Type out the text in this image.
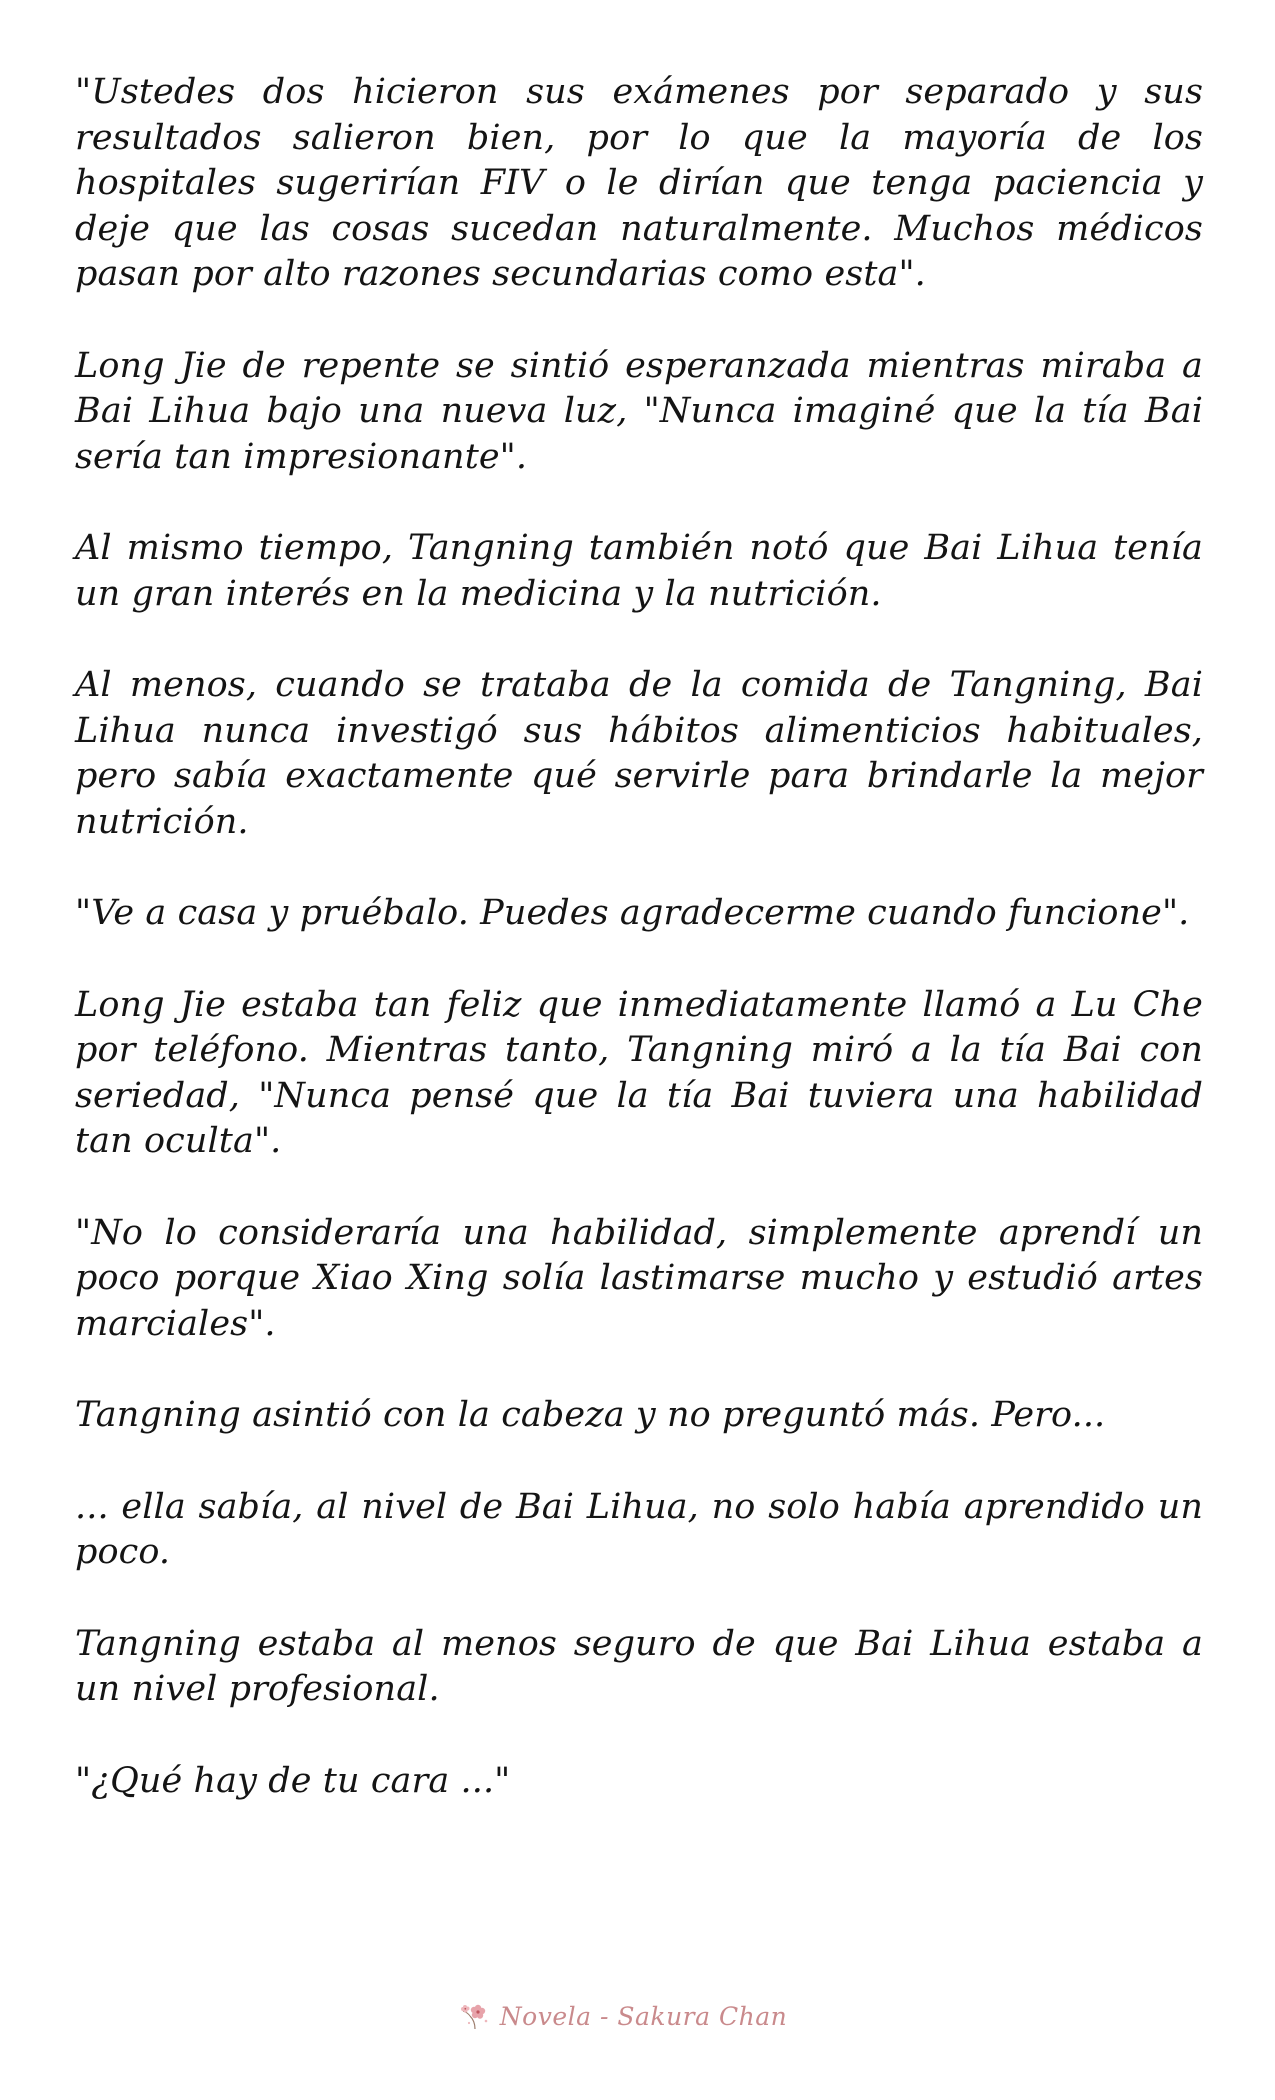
"Ustedes dos hicieron sus exámenes por separado y sus resultados salieron bien, por lo que la mayoría de los hospitales sugerirían FIV o le dirían que tenga paciencia y deje que las cosas sucedan naturalmente. Muchos médicos pasan por alto razones secundarias como esta".

Long Jie de repente se sintió esperanzada mientras miraba a Bai Lihua bajo una nueva luz, "Nunca imaginé que la tía Bai sería tan impresionante".

Al mismo tiempo, Tangning también notó que Bai Lihua tenía un gran interés en la medicina y la nutrición.

Al menos, cuando se trataba de la comida de Tangning, Bai Lihua nunca investigó sus hábitos alimenticios habituales, pero sabía exactamente qué servirle para brindarle la mejor nutrición.

"Ve a casa y pruébalo. Puedes agradecerme cuando funcione".

Long Jie estaba tan feliz que inmediatamente llamó a Lu Che por teléfono. Mientras tanto, Tangning miró a la tía Bai con seriedad, "Nunca pensé que la tía Bai tuviera una habilidad tan oculta".

"No lo consideraría una habilidad, simplemente aprendí un poco porque Xiao Xing solía lastimarse mucho y estudió artes marciales".

Tangning asintió con la cabeza y no preguntó más. Pero...

... ella sabía, al nivel de Bai Lihua, no solo había aprendido un poco.

Tangning estaba al menos seguro de que Bai Lihua estaba a un nivel profesional.

"¿Qué hay de tu cara ..."

Novela - Sakura Chan
